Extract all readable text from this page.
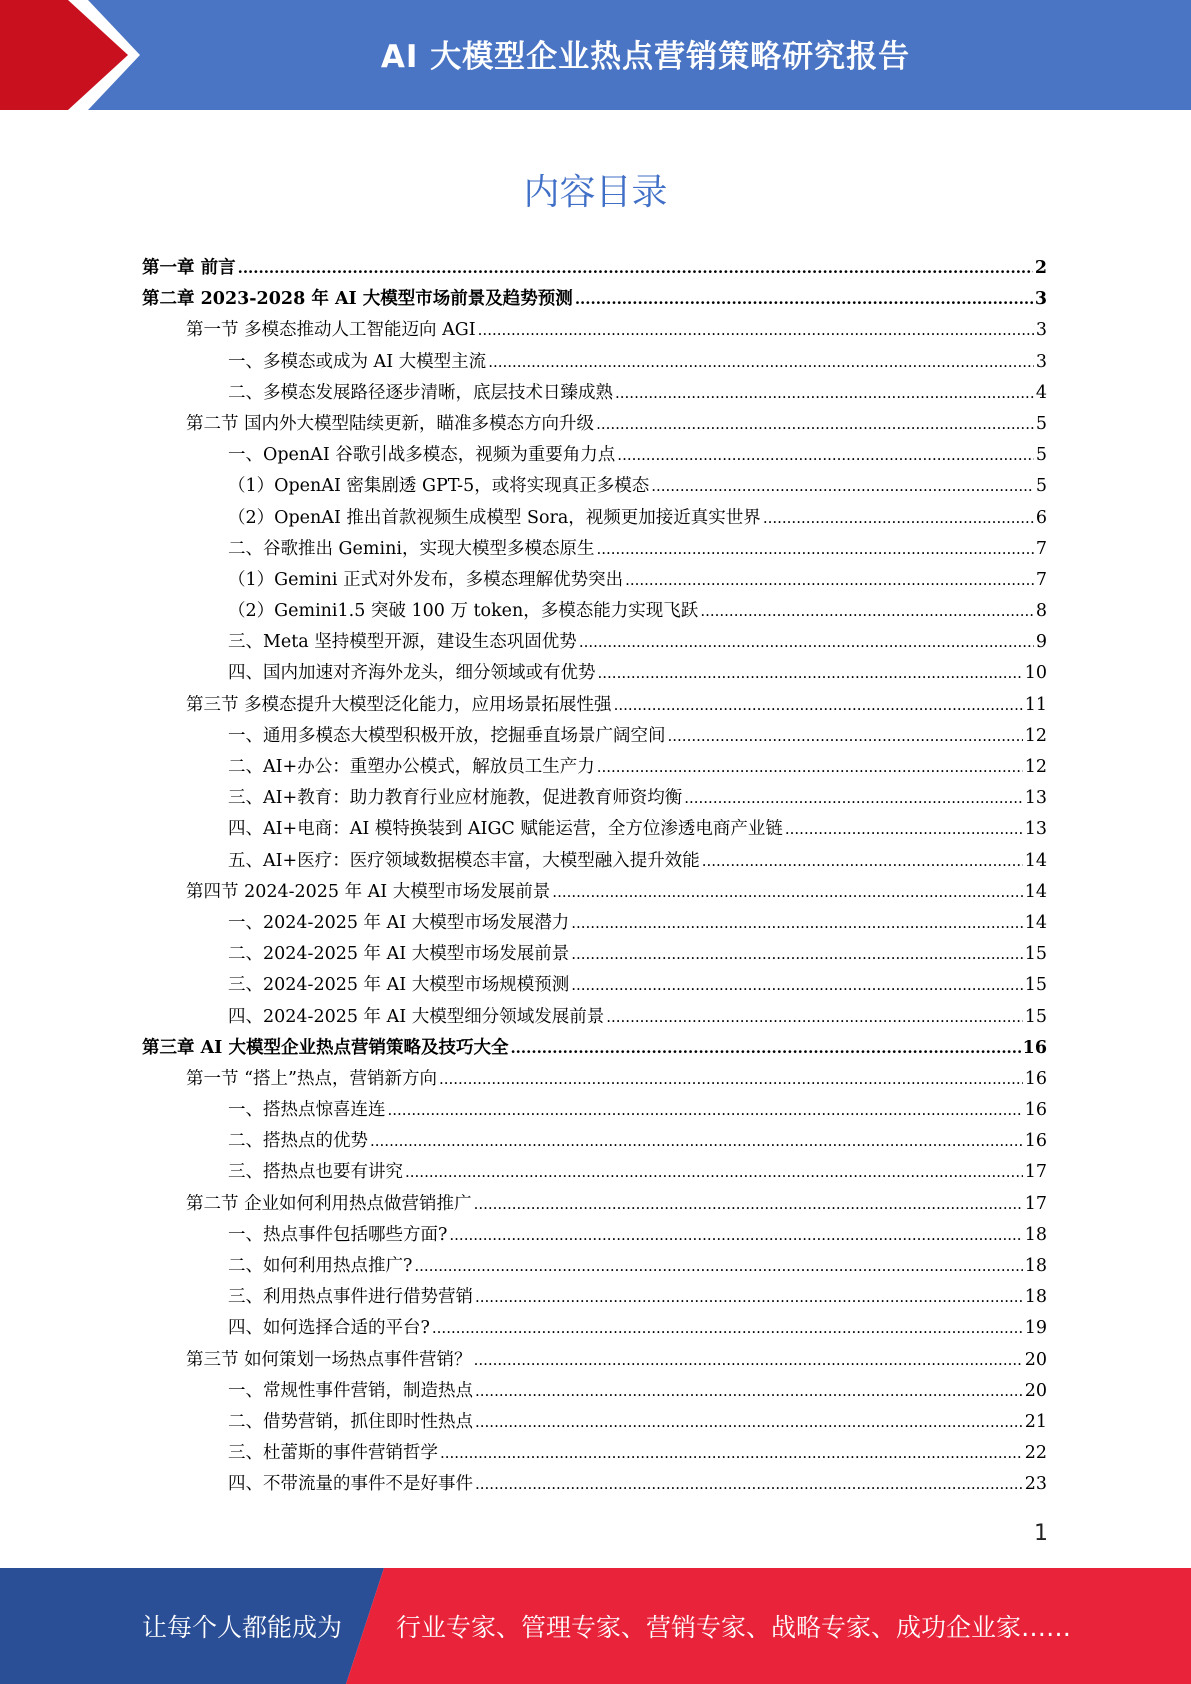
AI 大模型企业热点营销策略研究报告
内容目录
第一章 前言 .....	2
第二章 2023-2028 年 AI 大模型市场前景及趋势预测 .....	3
第一节 多模态推动人工智能迈向 AGI .....	3
一、多模态或成为 AI 大模型主流 .....	3
二、多模态发展路径逐步清晰，底层技术日臻成熟 .....	4
第二节 国内外大模型陆续更新，瞄准多模态方向升级 .....	5
一、OpenAI 谷歌引战多模态，视频为重要角力点 .....	5
（1）OpenAI 密集剧透 GPT-5，或将实现真正多模态 .....	5
（2）OpenAI 推出首款视频生成模型 Sora，视频更加接近真实世界 .....	6
二、谷歌推出 Gemini，实现大模型多模态原生 .....	7
（1）Gemini 正式对外发布，多模态理解优势突出 .....	7
（2）Gemini1.5 突破 100 万 token，多模态能力实现飞跃 .....	8
三、Meta 坚持模型开源，建设生态巩固优势 .....	9
四、国内加速对齐海外龙头，细分领域或有优势 .....	10
第三节 多模态提升大模型泛化能力，应用场景拓展性强 .....	11
一、通用多模态大模型积极开放，挖掘垂直场景广阔空间 .....	12
二、AI+办公：重塑办公模式，解放员工生产力 .....	12
三、AI+教育：助力教育行业应材施教，促进教育师资均衡 .....	13
四、AI+电商：AI 模特换装到 AIGC 赋能运营，全方位渗透电商产业链 .....	13
五、AI+医疗：医疗领域数据模态丰富，大模型融入提升效能 .....	14
第四节 2024-2025 年 AI 大模型市场发展前景 .....	14
一、2024-2025 年 AI 大模型市场发展潜力 .....	14
二、2024-2025 年 AI 大模型市场发展前景 .....	15
三、2024-2025 年 AI 大模型市场规模预测 .....	15
四、2024-2025 年 AI 大模型细分领域发展前景 .....	15
第三章 AI 大模型企业热点营销策略及技巧大全 .....	16
第一节 “搭上”热点，营销新方向 .....	16
一、搭热点惊喜连连 .....	16
二、搭热点的优势 .....	16
三、搭热点也要有讲究 .....	17
第二节 企业如何利用热点做营销推广 .....	17
一、热点事件包括哪些方面? .....	18
二、如何利用热点推广? .....	18
三、利用热点事件进行借势营销 .....	18
四、如何选择合适的平台? .....	19
第三节 如何策划一场热点事件营销？ .....	20
一、常规性事件营销，制造热点 .....	20
二、借势营销，抓住即时性热点 .....	21
三、杜蕾斯的事件营销哲学 .....	22
四、不带流量的事件不是好事件 .....	23
1
让每个人都能成为 行业专家、管理专家、营销专家、战略专家、成功企业家……
